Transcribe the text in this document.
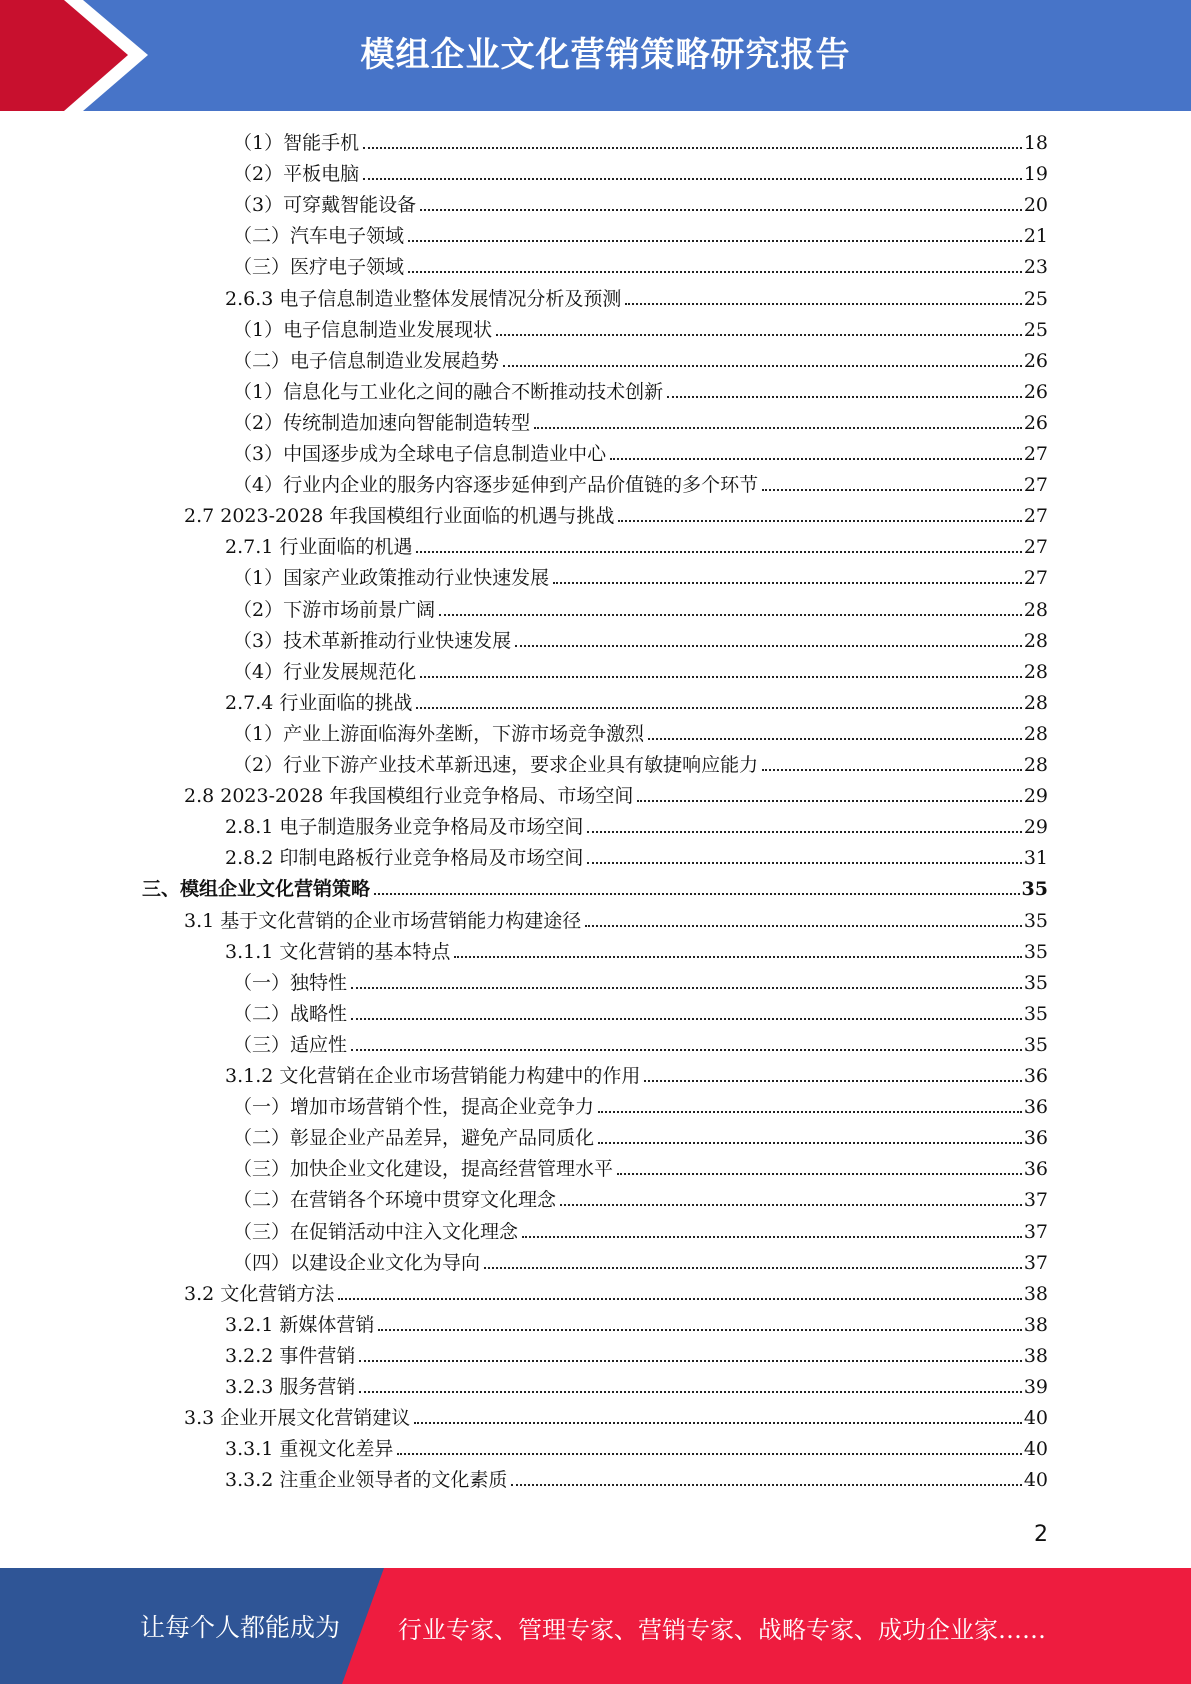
模组企业文化营销策略研究报告
（1）智能手机	18
（2）平板电脑	19
（3）可穿戴智能设备	20
（二）汽车电子领域	21
（三）医疗电子领域	23
2.6.3 电子信息制造业整体发展情况分析及预测	25
（1）电子信息制造业发展现状	25
（二）电子信息制造业发展趋势	26
（1）信息化与工业化之间的融合不断推动技术创新	26
（2）传统制造加速向智能制造转型	26
（3）中国逐步成为全球电子信息制造业中心	27
（4）行业内企业的服务内容逐步延伸到产品价值链的多个环节	27
2.7 2023-2028 年我国模组行业面临的机遇与挑战	27
2.7.1 行业面临的机遇	27
（1）国家产业政策推动行业快速发展	27
（2）下游市场前景广阔	28
（3）技术革新推动行业快速发展	28
（4）行业发展规范化	28
2.7.4 行业面临的挑战	28
（1）产业上游面临海外垄断，下游市场竞争激烈	28
（2）行业下游产业技术革新迅速，要求企业具有敏捷响应能力	28
2.8 2023-2028 年我国模组行业竞争格局、市场空间	29
2.8.1 电子制造服务业竞争格局及市场空间	29
2.8.2 印制电路板行业竞争格局及市场空间	31
三、模组企业文化营销策略	35
3.1 基于文化营销的企业市场营销能力构建途径	35
3.1.1 文化营销的基本特点	35
（一）独特性	35
（二）战略性	35
（三）适应性	35
3.1.2 文化营销在企业市场营销能力构建中的作用	36
（一）增加市场营销个性，提高企业竞争力	36
（二）彰显企业产品差异，避免产品同质化	36
（三）加快企业文化建设，提高经营管理水平	36
（二）在营销各个环境中贯穿文化理念	37
（三）在促销活动中注入文化理念	37
（四）以建设企业文化为导向	37
3.2 文化营销方法	38
3.2.1 新媒体营销	38
3.2.2 事件营销	38
3.2.3 服务营销	39
3.3 企业开展文化营销建议	40
3.3.1 重视文化差异	40
3.3.2 注重企业领导者的文化素质	40
2
让每个人都能成为 行业专家、管理专家、营销专家、战略专家、成功企业家……
